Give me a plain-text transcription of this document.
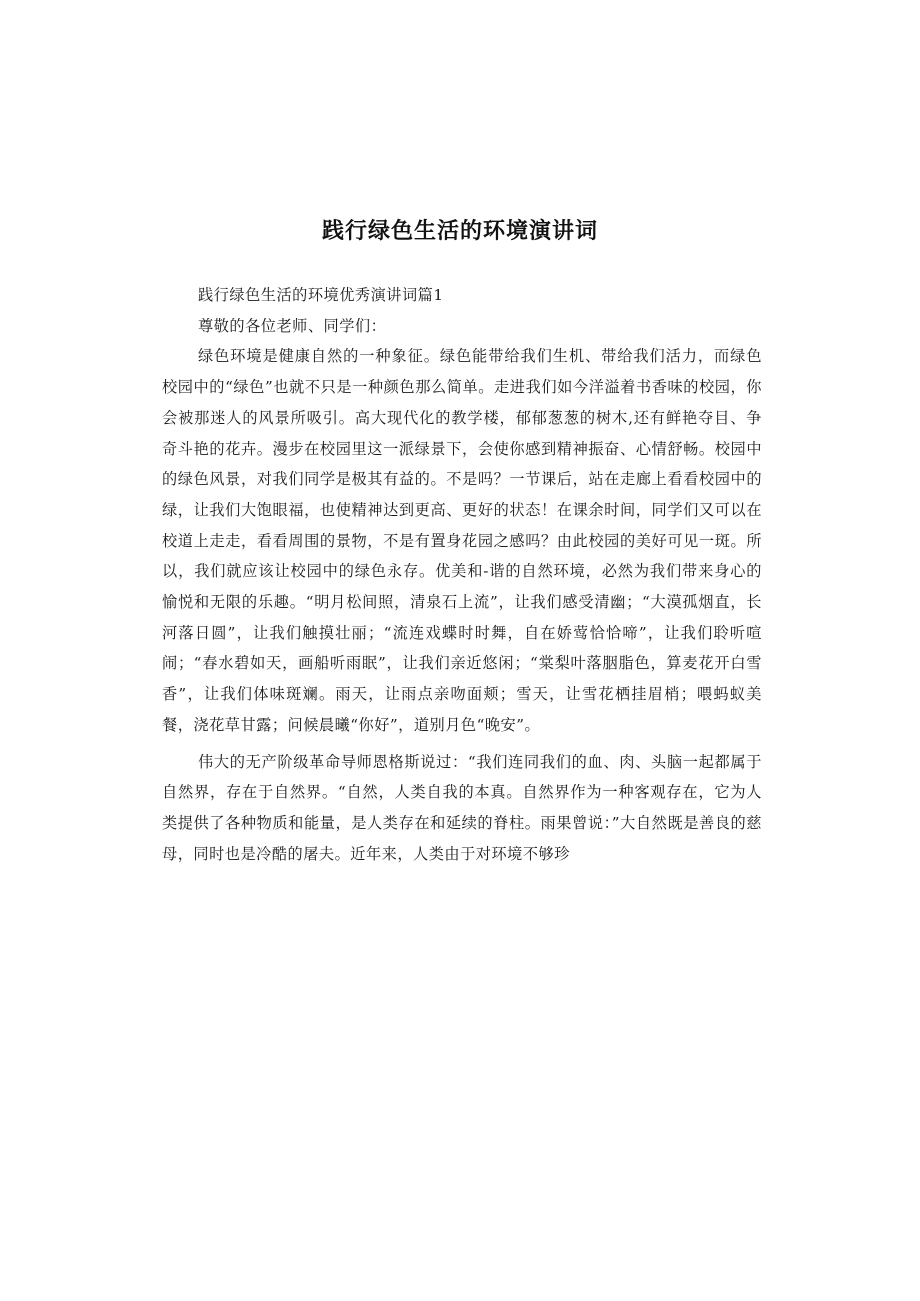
践行绿色生活的环境演讲词

践行绿色生活的环境优秀演讲词篇1

尊敬的各位老师、同学们：

绿色环境是健康自然的一种象征。绿色能带给我们生机、带给我们活力，而绿色校园中的“绿色”也就不只是一种颜色那么简单。走进我们如今洋溢着书香味的校园，你会被那迷人的风景所吸引。高大现代化的教学楼，郁郁葱葱的树木,还有鲜艳夺目、争奇斗艳的花卉。漫步在校园里这一派绿景下，会使你感到精神振奋、心情舒畅。校园中的绿色风景，对我们同学是极其有益的。不是吗？一节课后，站在走廊上看看校园中的绿，让我们大饱眼福，也使精神达到更高、更好的状态！在课余时间，同学们又可以在校道上走走，看看周围的景物，不是有置身花园之感吗？由此校园的美好可见一斑。所以，我们就应该让校园中的绿色永存。优美和-谐的自然环境，必然为我们带来身心的愉悦和无限的乐趣。“明月松间照，清泉石上流”，让我们感受清幽；“大漠孤烟直，长河落日圆”，让我们触摸壮丽；“流连戏蝶时时舞，自在娇莺恰恰啼”，让我们聆听喧闹；“春水碧如天，画船听雨眠”，让我们亲近悠闲；“棠梨叶落胭脂色，算麦花开白雪香”，让我们体味斑斓。雨天，让雨点亲吻面颊；雪天，让雪花栖挂眉梢；喂蚂蚁美餐，浇花草甘露；问候晨曦“你好”，道别月色“晚安”。

伟大的无产阶级革命导师恩格斯说过：“我们连同我们的血、肉、头脑一起都属于自然界，存在于自然界。“自然，人类自我的本真。自然界作为一种客观存在，它为人类提供了各种物质和能量，是人类存在和延续的脊柱。雨果曾说：”大自然既是善良的慈母，同时也是冷酷的屠夫。近年来，人类由于对环境不够珍
